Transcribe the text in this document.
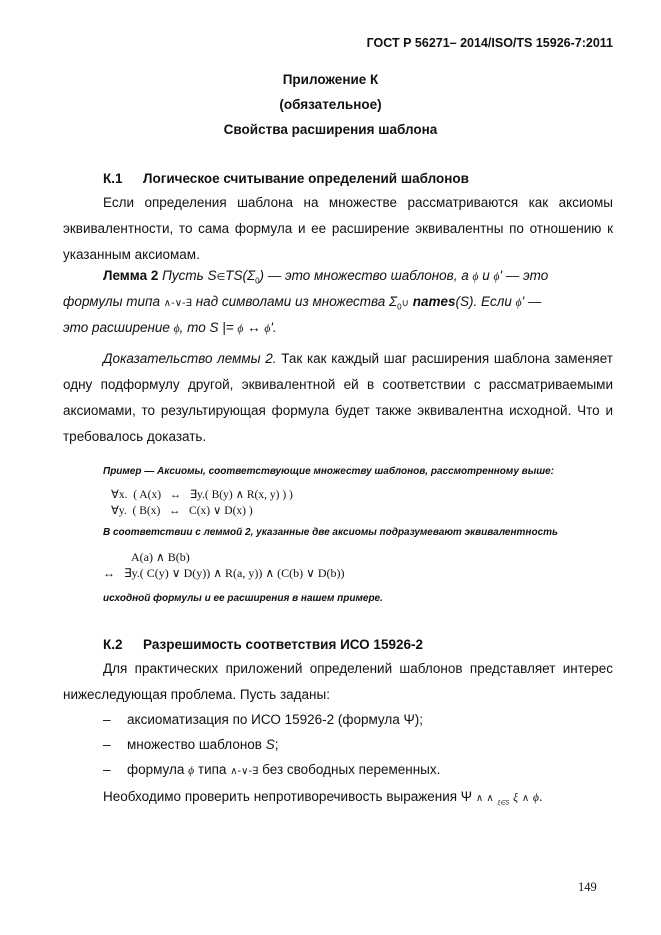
ГОСТ Р 56271– 2014/ISO/TS 15926-7:2011
Приложение К
(обязательное)
Свойства расширения шаблона
К.1 Логическое считывание определений шаблонов

Если определения шаблона на множестве рассматриваются как аксиомы эквивалентности, то сама формула и ее расширение эквивалентны по отношению к указанным аксиомам.

Лемма 2 Пусть $S\in TS(\Sigma_0)$ — это множество шаблонов, а ϕ и ϕ' — это
формулы типа ∧-∨-∃ над символами из множества $\Sigma_0\cup$ names(S). Если ϕ' —
это расширение ϕ, то S |= ϕ ↔ ϕ'.

Доказательство леммы 2. Так как каждый шаг расширения шаблона заменяет одну подформулу другой, эквивалентной ей в соответствии с рассматриваемыми аксиомами, то результирующая формула будет также эквивалентна исходной. Что и требовалось доказать.

Пример — Аксиомы, соответствующие множеству шаблонов, рассмотренному выше:
∀x.  ( A(x)   ↔   ∃y.( B(y) ∧ R(x, y) ) )
∀y.  ( B(x)   ↔   C(x) ∨ D(x) )
В соответствии с леммой 2, указанные две аксиомы подразумевают эквивалентность
A(a) ∧ B(b)
↔   ∃y.( C(y) ∨ D(y)) ∧ R(a, y)) ∧ (C(b) ∨ D(b))
исходной формулы и ее расширения в нашем примере.
К.2 Разрешимость соответствия ИСО 15926-2

Для практических приложений определений шаблонов представляет интерес нижеследующая проблема. Пусть заданы:

– аксиоматизация по ИСО 15926-2 (формула Ψ);
– множество шаблонов S;
– формула ϕ типа ∧-∨-∃ без свободных переменных.
Необходимо проверить непротиворечивость выражения Ψ ∧ ∧ $_{\xi\in S}$ ξ ∧ ϕ.
149
